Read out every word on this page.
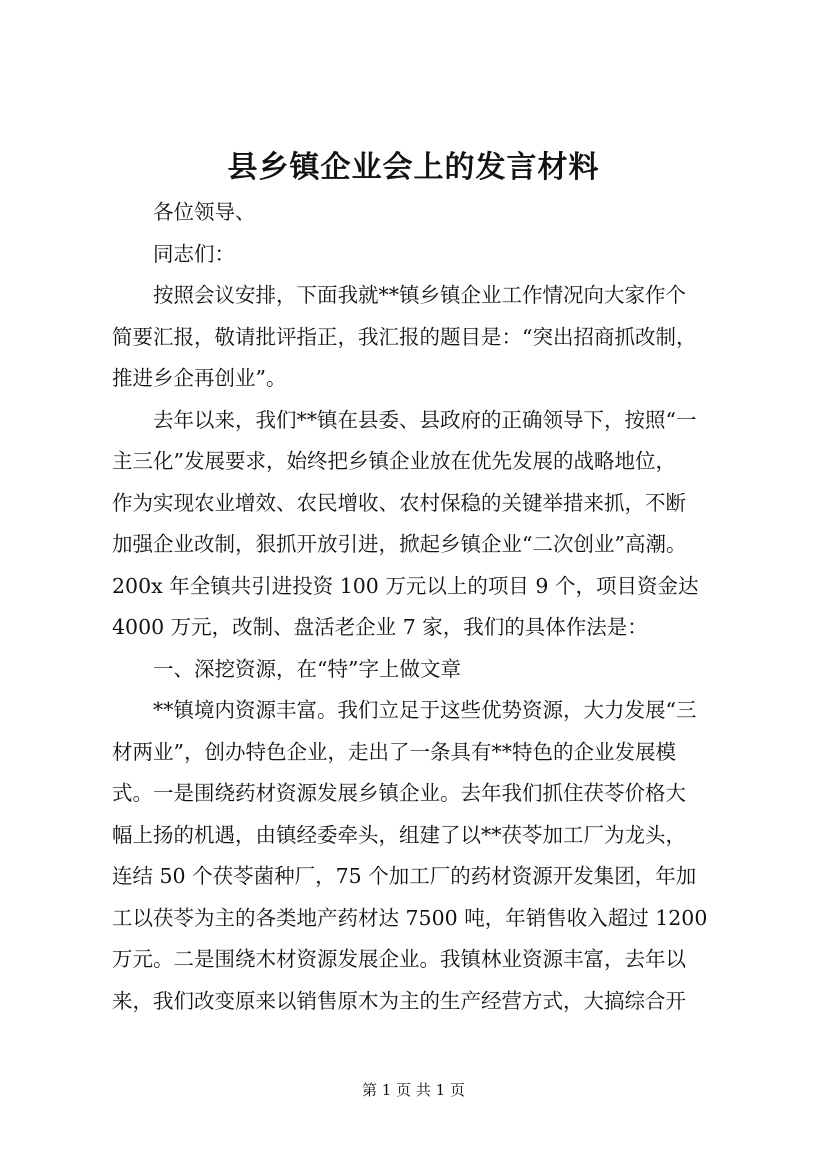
县乡镇企业会上的发言材料
各位领导、
同志们：
按照会议安排，下面我就**镇乡镇企业工作情况向大家作个
简要汇报，敬请批评指正，我汇报的题目是：“突出招商抓改制，
推进乡企再创业”。
去年以来，我们**镇在县委、县政府的正确领导下，按照“一
主三化”发展要求，始终把乡镇企业放在优先发展的战略地位，
作为实现农业增效、农民增收、农村保稳的关键举措来抓，不断
加强企业改制，狠抓开放引进，掀起乡镇企业“二次创业”高潮。
200x 年全镇共引进投资 100 万元以上的项目 9 个，项目资金达
4000 万元，改制、盘活老企业 7 家，我们的具体作法是：
一、深挖资源，在“特”字上做文章
**镇境内资源丰富。我们立足于这些优势资源，大力发展“三
材两业”，创办特色企业，走出了一条具有**特色的企业发展模
式。一是围绕药材资源发展乡镇企业。去年我们抓住茯苓价格大
幅上扬的机遇，由镇经委牵头，组建了以**茯苓加工厂为龙头，
连结 50 个茯苓菌种厂，75 个加工厂的药材资源开发集团，年加
工以茯苓为主的各类地产药材达 7500 吨，年销售收入超过 1200
万元。二是围绕木材资源发展企业。我镇林业资源丰富，去年以
来，我们改变原来以销售原木为主的生产经营方式，大搞综合开
第 1 页 共 1 页
